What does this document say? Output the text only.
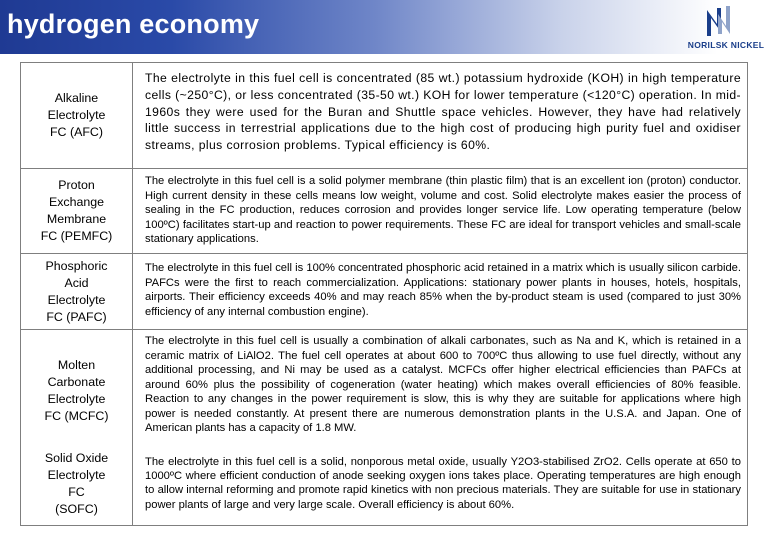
hydrogen economy
NORILSK NICKEL
Alkaline
Electrolyte
FC (AFC)
The electrolyte in this fuel cell is concentrated (85 wt.) potassium hydroxide (KOH) in high temperature cells (~250°C), or less concentrated (35-50 wt.) KOH for lower temperature (<120°C) operation. In mid-1960s they were used for the Buran and Shuttle space vehicles. However, they have had relatively little success in terrestrial applications due to the high cost of producing high purity fuel and oxidiser streams, plus corrosion problems. Typical efficiency is 60%.
Proton
Exchange
Membrane
FC (PEMFC)
The electrolyte in this fuel cell is a solid polymer membrane (thin plastic film) that is an excellent ion (proton) conductor. High current density in these cells means low weight, volume and cost. Solid electrolyte makes easier the process of sealing in the FC production, reduces corrosion and provides longer service life. Low operating temperature (below 100ºC) facilitates start-up and reaction to power requirements. These FC are ideal for transport vehicles and small-scale stationary applications.
Phosphoric
Acid
Electrolyte
FC (PAFC)
The electrolyte in this fuel cell is 100% concentrated phosphoric acid retained in a matrix which is usually silicon carbide. PAFCs were the first to reach commercialization. Applications: stationary power plants in houses, hotels, hospitals, airports. Their efficiency exceeds 40% and may reach 85% when the by-product steam is used (compared to just 30% efficiency of any internal combustion engine).
Molten
Carbonate
Electrolyte
FC (MCFC)
The electrolyte in this fuel cell is usually a combination of alkali carbonates, such as Na and K, which is retained in a ceramic matrix of LiAlO2. The fuel cell operates at about 600 to 700ºC thus allowing to use fuel directly, without any additional processing, and Ni may be used as a catalyst. MCFCs offer higher electrical efficiencies than PAFCs at around 60% plus the possibility of cogeneration (water heating) which makes overall efficiencies of 80% feasible. Reaction to any changes in the power requirement is slow, this is why they are suitable for applications where high power is needed constantly. At present there are numerous demonstration plants in the U.S.A. and Japan. One of American plants has a capacity of 1.8 MW.
Solid Oxide
Electrolyte
FC
(SOFC)
The electrolyte in this fuel cell is a solid, nonporous metal oxide, usually Y2O3-stabilised ZrO2. Cells operate at 650 to 1000ºC where efficient conduction of anode seeking oxygen ions takes place. Operating temperatures are high enough to allow internal reforming and promote rapid kinetics with non precious materials. They are suitable for use in stationary power plants of large and very large scale. Overall efficiency is about 60%.
